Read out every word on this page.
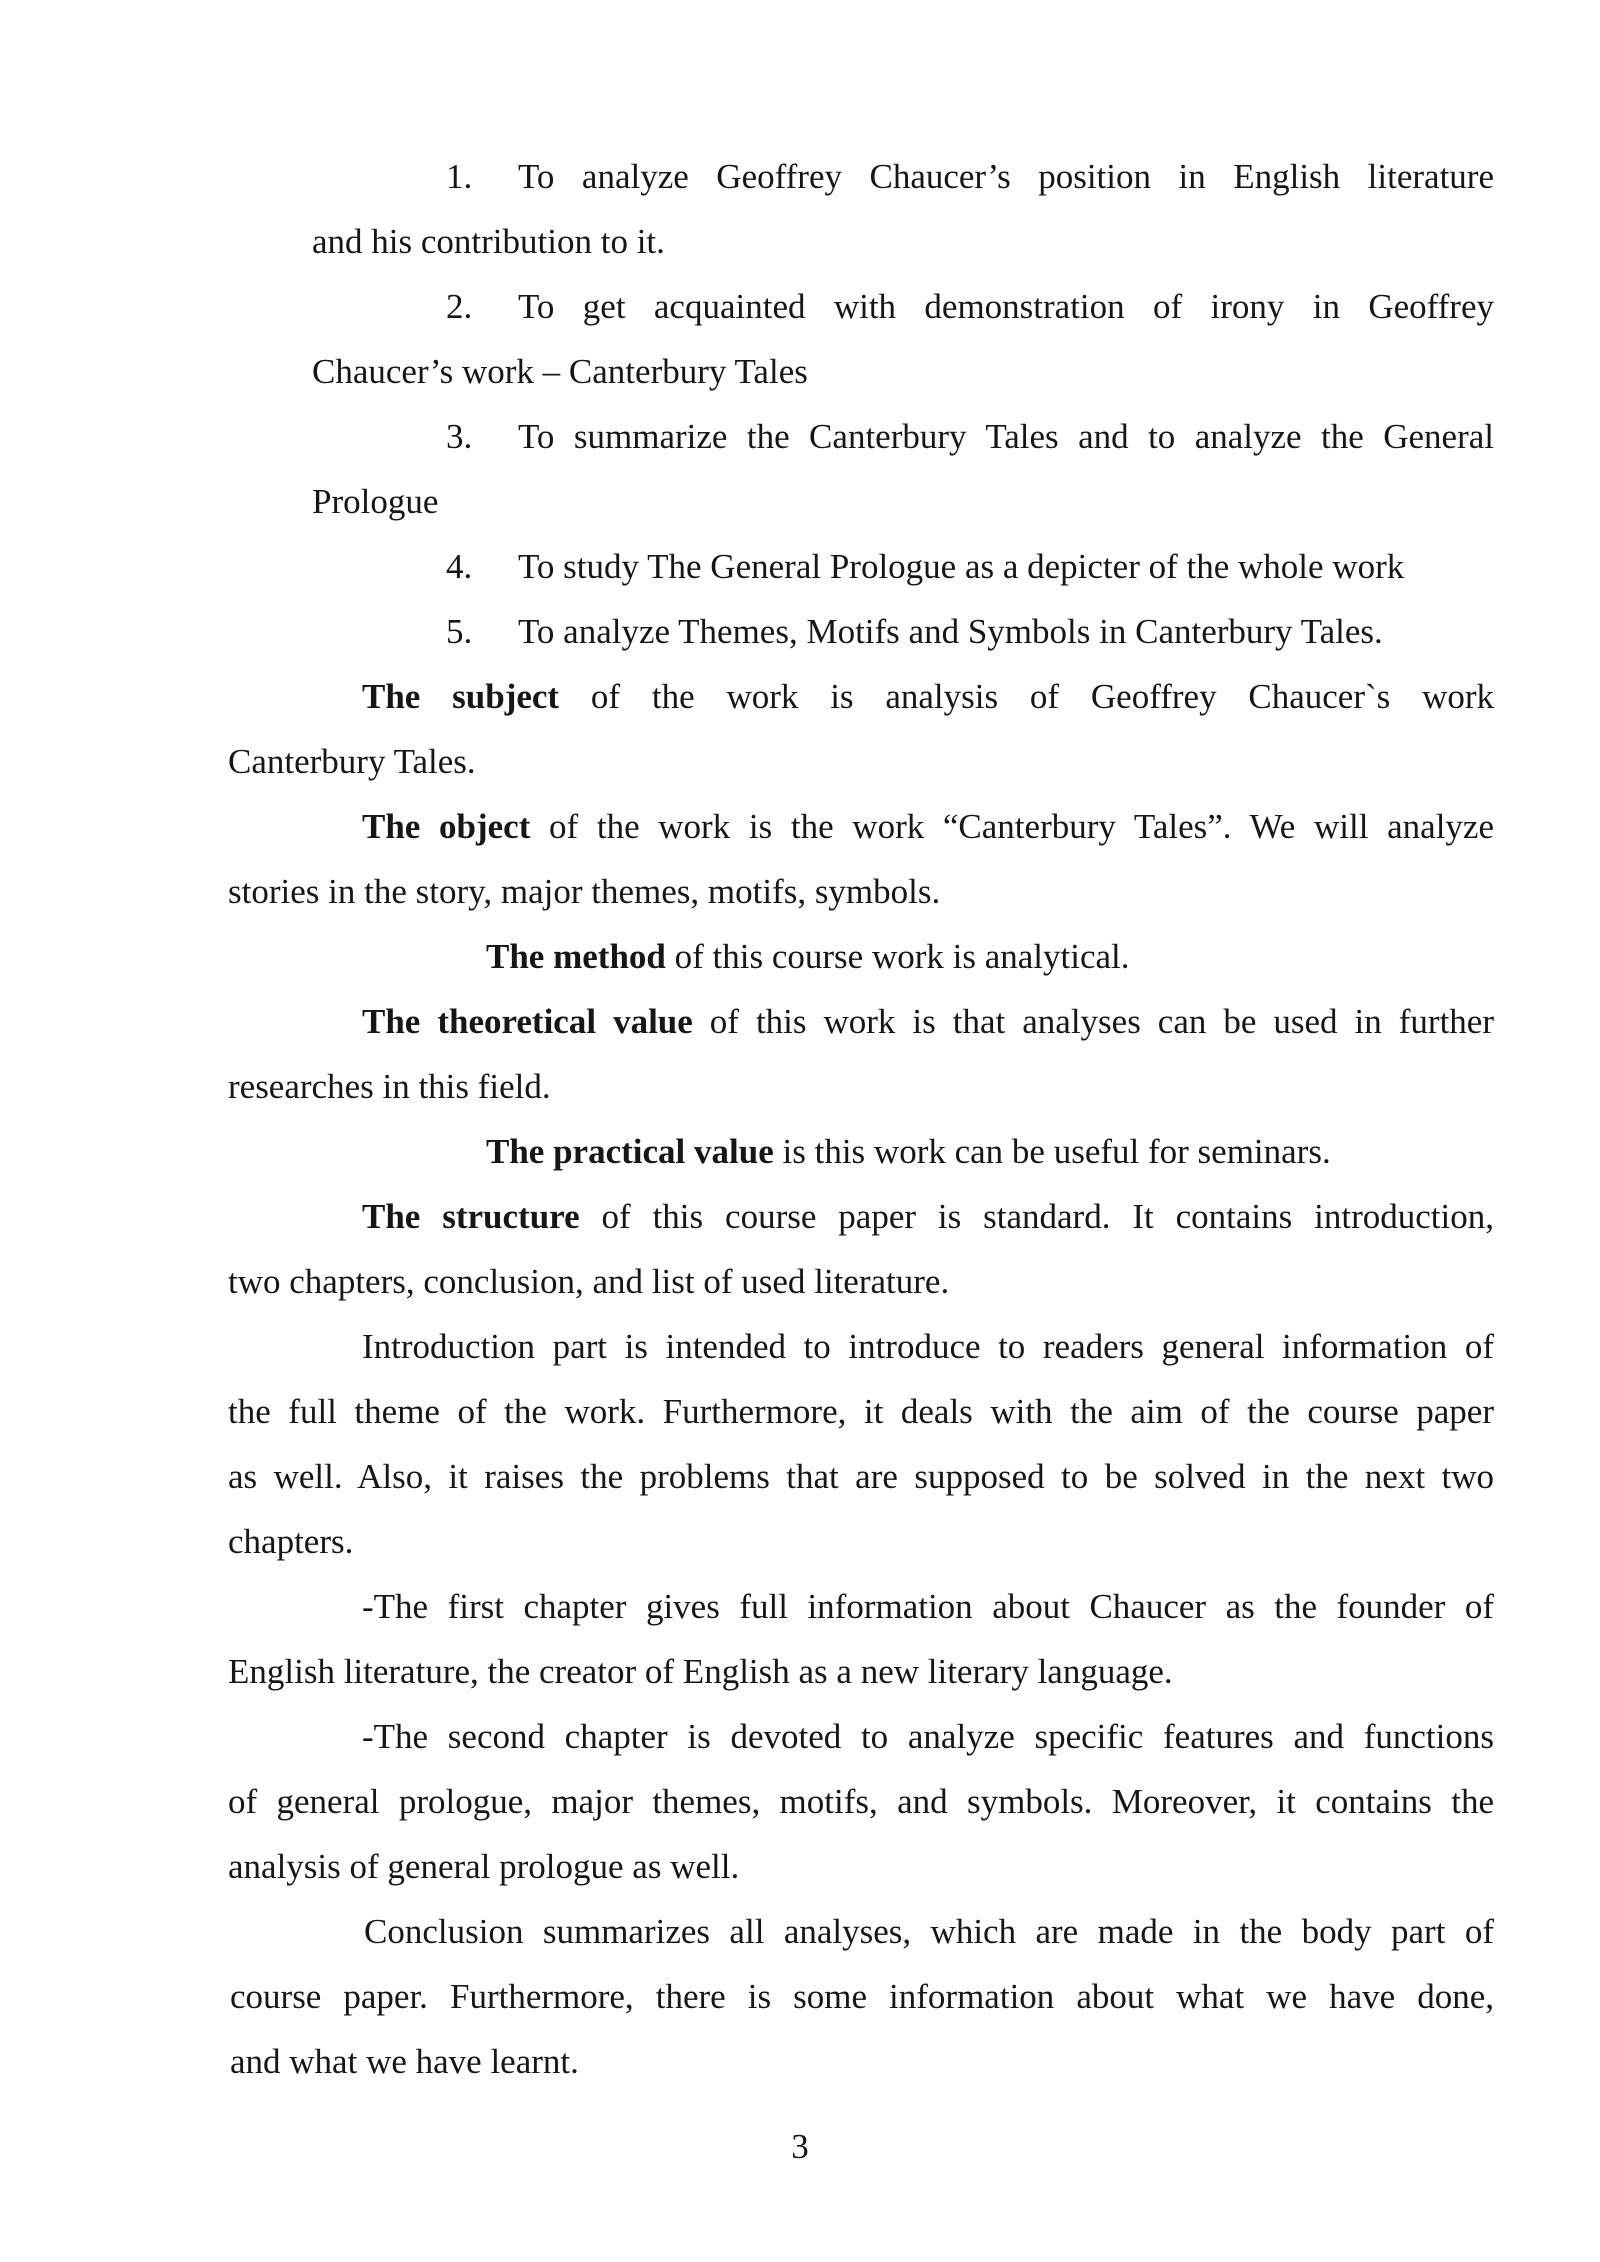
1. To analyze Geoffrey Chaucer’s position in English literature
and his contribution to it.
2. To get acquainted with demonstration of irony in Geoffrey
Chaucer’s work – Canterbury Tales
3. To summarize the Canterbury Tales and to analyze the General
Prologue
4. To study The General Prologue as a depicter of the whole work
5. To analyze Themes, Motifs and Symbols in Canterbury Tales.
The subject of the work is analysis of Geoffrey Chaucer`s work
Canterbury Tales.
The object of the work is the work “Canterbury Tales”. We will analyze
stories in the story, major themes, motifs, symbols.
The method of this course work is analytical.
The theoretical value of this work is that analyses can be used in further
researches in this field.
The practical value is this work can be useful for seminars.
The structure of this course paper is standard. It contains introduction,
two chapters, conclusion, and list of used literature.
Introduction part is intended to introduce to readers general information of
the full theme of the work. Furthermore, it deals with the aim of the course paper
as well. Also, it raises the problems that are supposed to be solved in the next two
chapters.
-The first chapter gives full information about Chaucer as the founder of
English literature, the creator of English as a new literary language.
-The second chapter is devoted to analyze specific features and functions
of general prologue, major themes, motifs, and symbols. Moreover, it contains the
analysis of general prologue as well.
Conclusion summarizes all analyses, which are made in the body part of
course paper. Furthermore, there is some information about what we have done,
and what we have learnt.
3
